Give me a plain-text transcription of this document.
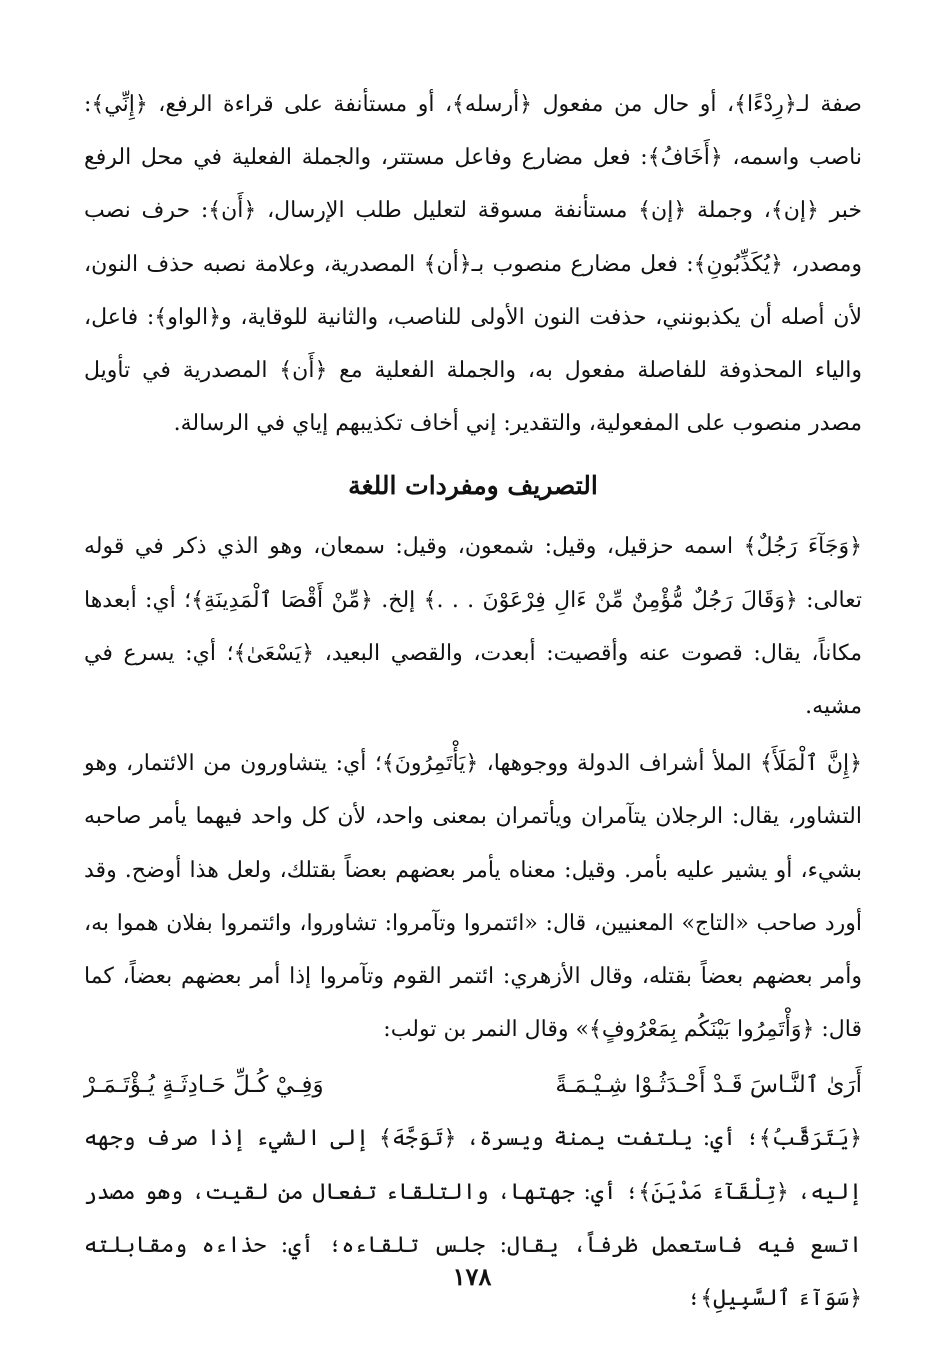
صفة لـ﴿رِدْءًا﴾، أو حال من مفعول ﴿أرسله﴾، أو مستأنفة على قراءة الرفع، ﴿إِنِّي﴾: ناصب واسمه، ﴿أَخَافُ﴾: فعل مضارع وفاعل مستتر، والجملة الفعلية في محل الرفع خبر ﴿إن﴾، وجملة ﴿إن﴾ مستأنفة مسوقة لتعليل طلب الإرسال، ﴿أَن﴾: حرف نصب ومصدر، ﴿يُكَذِّبُونِ﴾: فعل مضارع منصوب بـ﴿أن﴾ المصدرية، وعلامة نصبه حذف النون، لأن أصله أن يكذبونني، حذفت النون الأولى للناصب، والثانية للوقاية، و﴿الواو﴾: فاعل، والياء المحذوفة للفاصلة مفعول به، والجملة الفعلية مع ﴿أَن﴾ المصدرية في تأويل مصدر منصوب على المفعولية، والتقدير: إني أخاف تكذيبهم إياي في الرسالة.

التصريف ومفردات اللغة

﴿وَجَآءَ رَجُلٌ﴾ اسمه حزقيل، وقيل: شمعون، وقيل: سمعان، وهو الذي ذكر في قوله تعالى: ﴿وَقَالَ رَجُلٌ مُّؤْمِنٌ مِّنْ ءَالِ فِرْعَوْنَ . . .﴾ إلخ. ﴿مِّنْ أَقْصَا ٱلْمَدِينَةِ﴾؛ أي: أبعدها مكاناً، يقال: قصوت عنه وأقصيت: أبعدت، والقصي البعيد، ﴿يَسْعَىٰ﴾؛ أي: يسرع في مشيه.

﴿إِنَّ ٱلْمَلَأَ﴾ الملأ أشراف الدولة ووجوهها، ﴿يَأْتَمِرُونَ﴾؛ أي: يتشاورون من الائتمار، وهو التشاور، يقال: الرجلان يتآمران ويأتمران بمعنى واحد، لأن كل واحد فيهما يأمر صاحبه بشيء، أو يشير عليه بأمر. وقيل: معناه يأمر بعضهم بعضاً بقتلك، ولعل هذا أوضح. وقد أورد صاحب «التاج» المعنيين، قال: «ائتمروا وتآمروا: تشاوروا، وائتمروا بفلان هموا به، وأمر بعضهم بعضاً بقتله، وقال الأزهري: ائتمر القوم وتآمروا إذا أمر بعضهم بعضاً، كما قال: ﴿وَأْتَمِرُوا بَيْنَكُم بِمَعْرُوفٍ﴾» وقال النمر بن تولب:

أَرَىٰ ٱلنَّـاسَ قَـدْ أَحْـدَثُـوْا شِـيْـمَـةً
وَفِـيْ كُـلِّ حَـادِثَـةٍ يُـؤْتَـمَـرْ

﴿يَتَرَقَّبُ﴾؛ أي: يلتفت يمنة ويسرة، ﴿تَوَجَّهَ﴾ إلى الشيء إذا صرف وجهه إليه، ﴿تِلْقَآءَ مَدْيَنَ﴾؛ أي: جهتها، والتلقاء تفعال من لقيت، وهو مصدر اتسع فيه فاستعمل ظرفاً، يقال: جلس تلقاءه؛ أي: حذاءه ومقابلته ﴿سَوَآءَ ٱلسَّبِيلِ﴾؛

١٧٨
